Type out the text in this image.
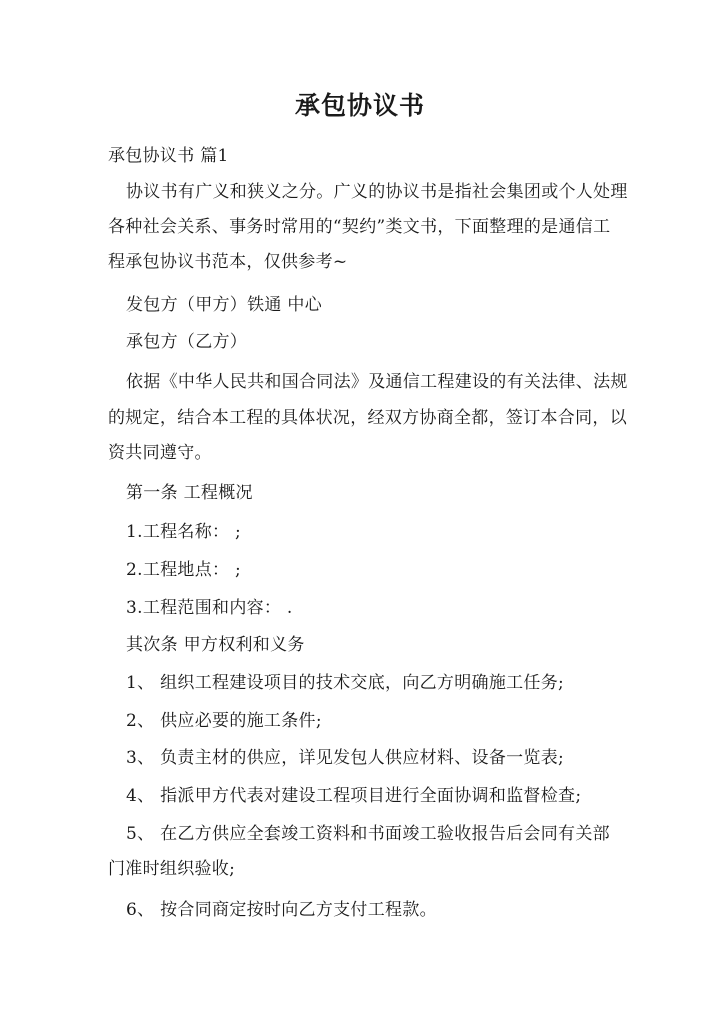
承包协议书
承包协议书 篇1
协议书有广义和狭义之分。广义的协议书是指社会集团或个人处理
各种社会关系、事务时常用的“契约”类文书，下面整理的是通信工
程承包协议书范本，仅供参考~
发包方（甲方）铁通 中心
承包方（乙方）
依据《中华人民共和国合同法》及通信工程建设的有关法律、法规
的规定，结合本工程的具体状况，经双方协商全都，签订本合同，以
资共同遵守。
第一条 工程概况
1.工程名称： ;
2.工程地点： ;
3.工程范围和内容： .
其次条 甲方权利和义务
1、 组织工程建设项目的技术交底，向乙方明确施工任务;
2、 供应必要的施工条件;
3、 负责主材的供应，详见发包人供应材料、设备一览表;
4、 指派甲方代表对建设工程项目进行全面协调和监督检查;
5、 在乙方供应全套竣工资料和书面竣工验收报告后会同有关部
门准时组织验收;
6、 按合同商定按时向乙方支付工程款。
